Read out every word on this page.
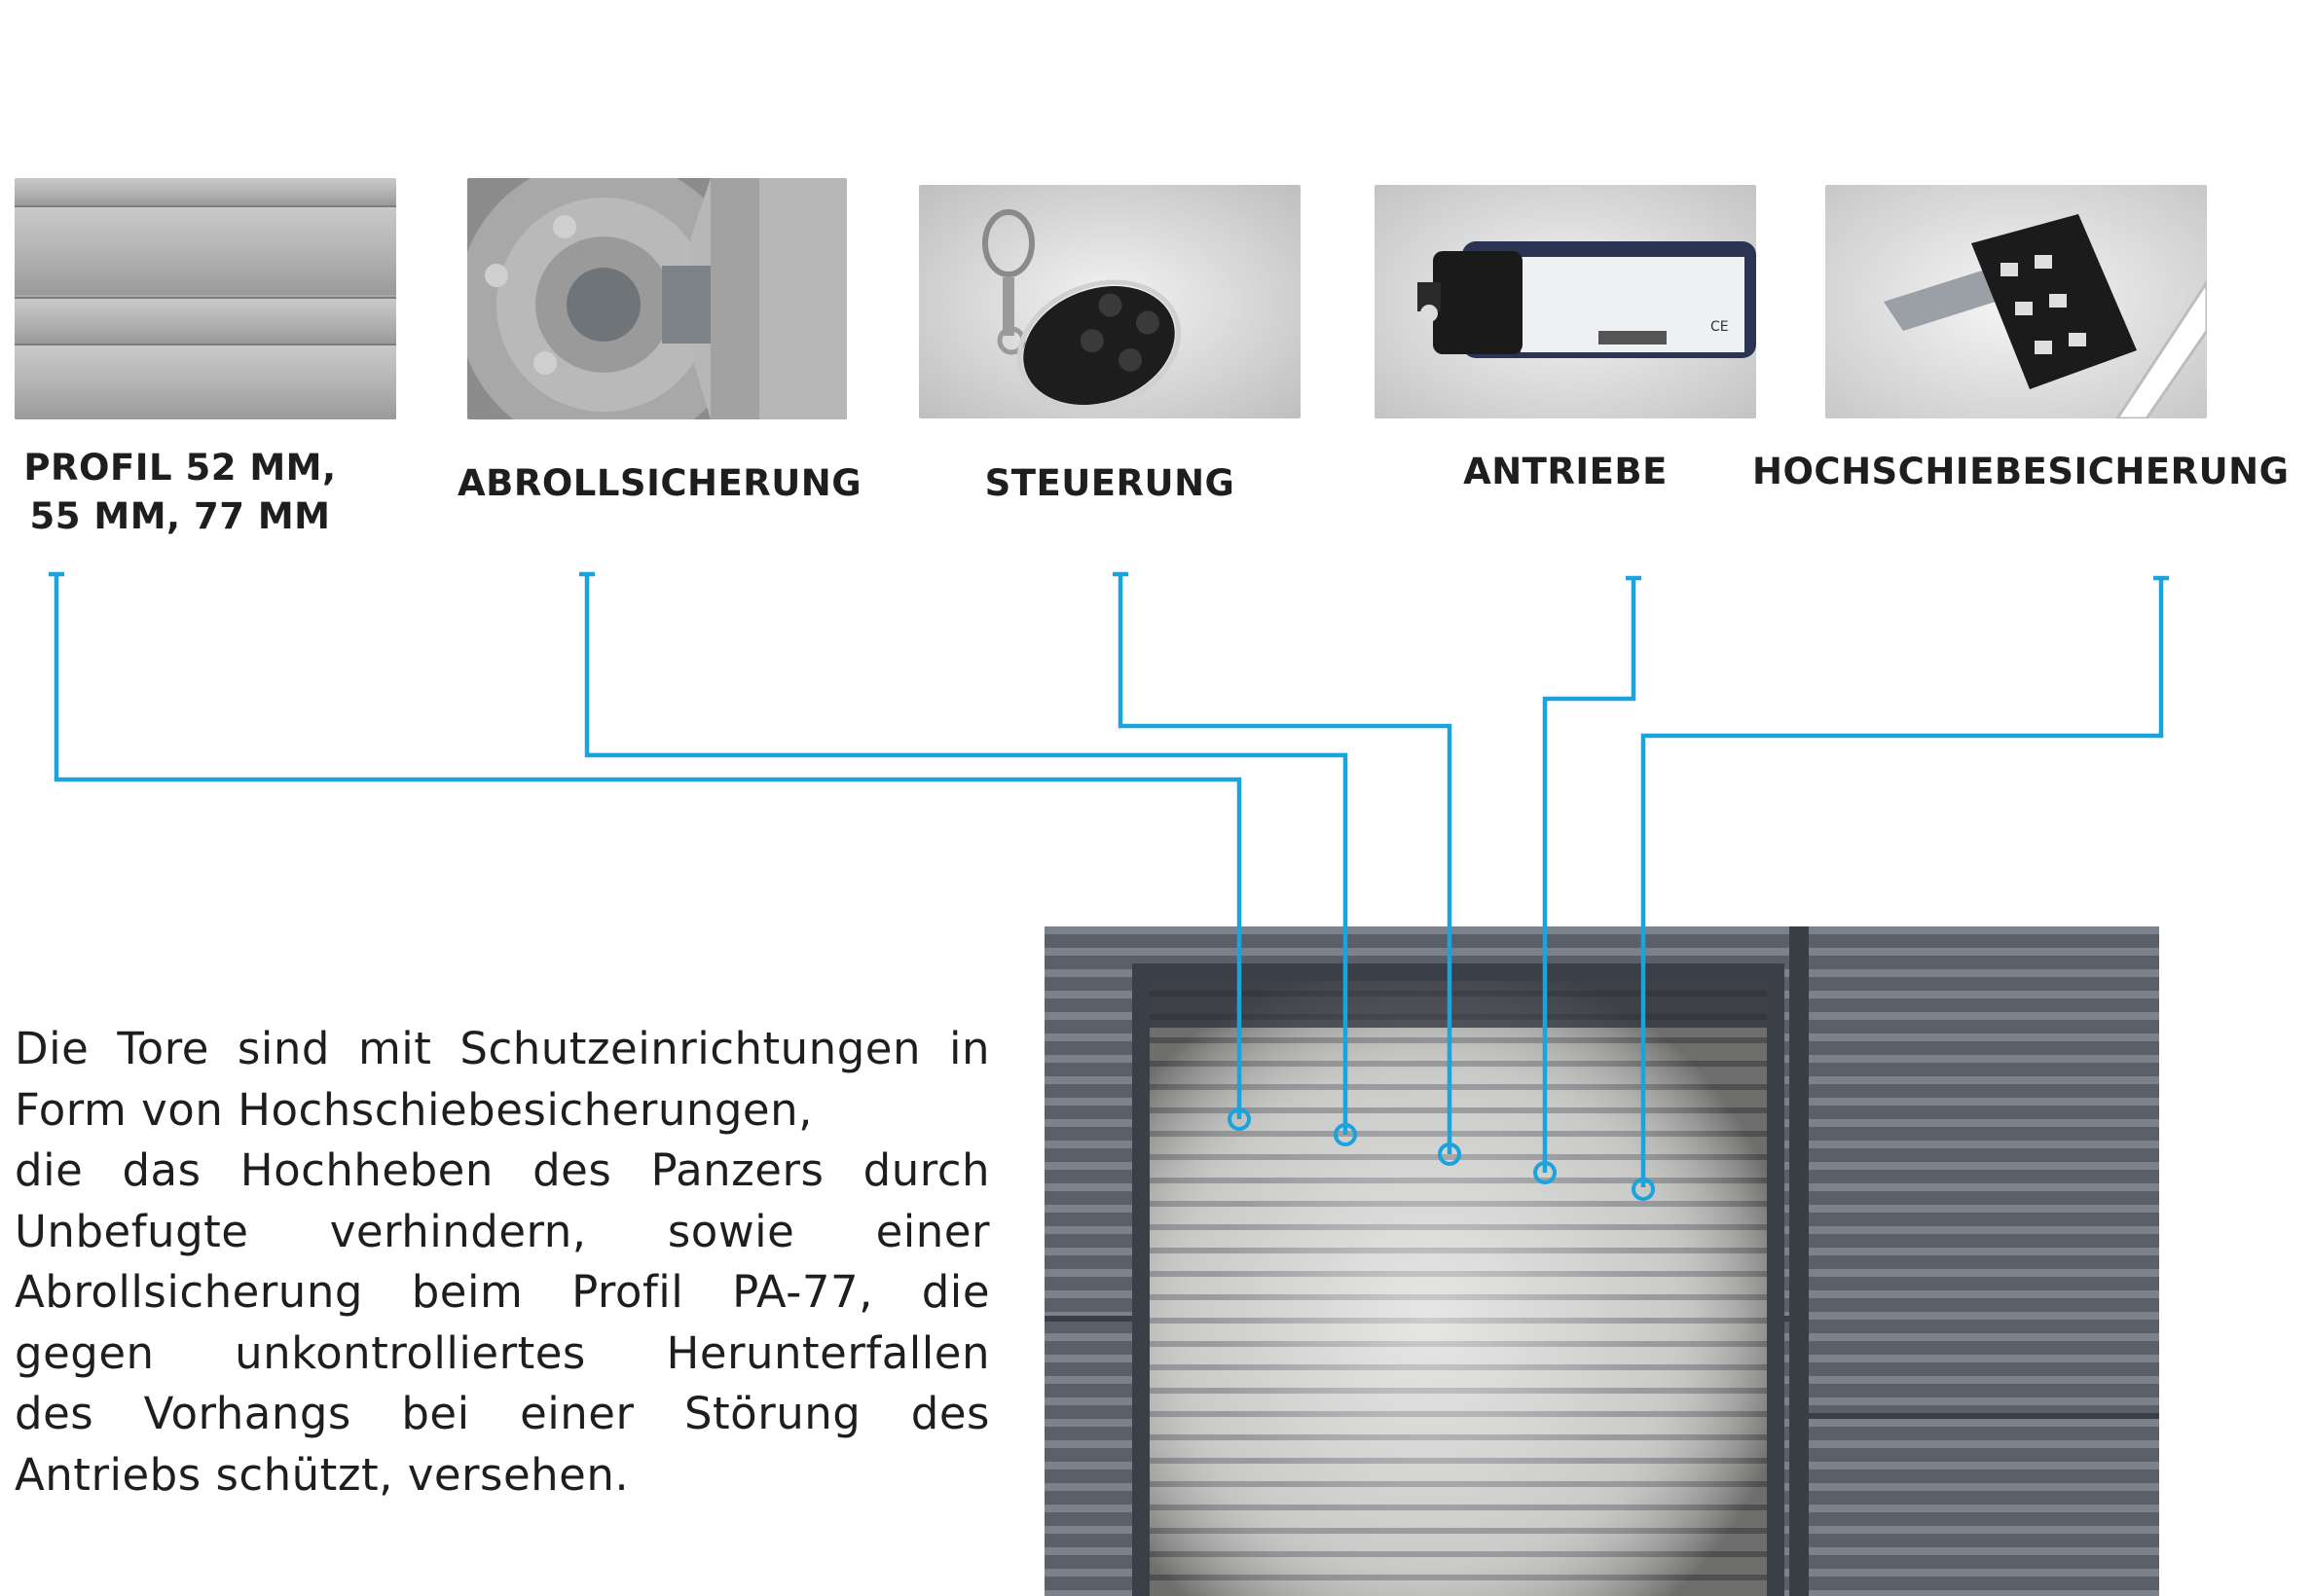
CE
PROFIL 52 MM,
55 MM, 77 MM
ABROLLSICHERUNG	STEUERUNG	ANTRIEBE	HOCHSCHIEBESICHERUNG
Die Tore sind mit Schutzeinrichtungen in
Form von Hochschiebesicherungen,
die das Hochheben des Panzers durch
Unbefugte verhindern, sowie einer
Abrollsicherung beim Profil PA-77, die
gegen unkontrolliertes Herunterfallen
des Vorhangs bei einer Störung des
Antriebs schützt, versehen.
